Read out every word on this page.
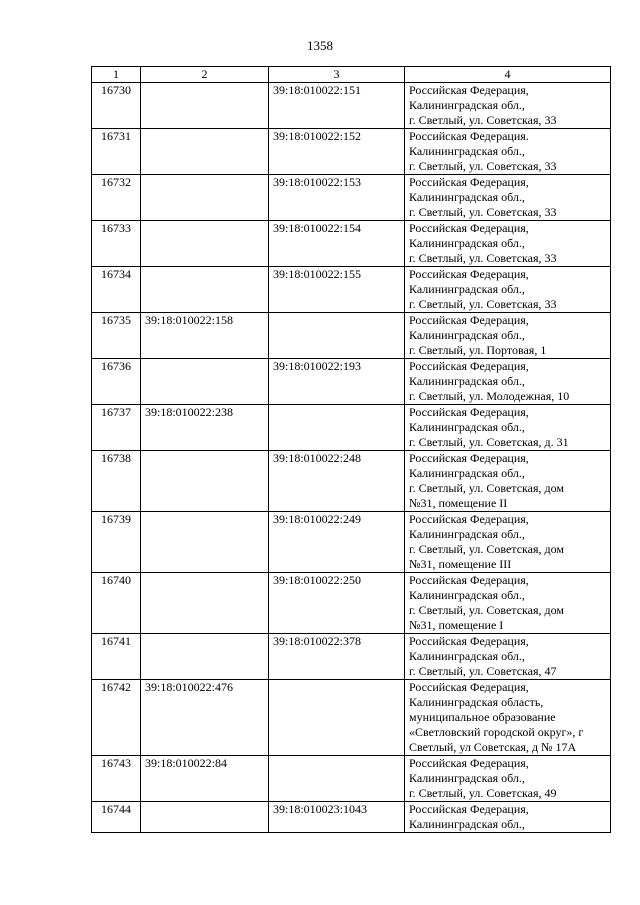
1358
1	2	3	4
16730		39:18:010022:151	Российская Федерация,
Калининградская обл.,
г. Светлый, ул. Советская, 33

16731		39:18:010022:152	Российская Федерация.
Калининградская обл.,
г. Светлый, ул. Советская, 33

16732		39:18:010022:153	Российская Федерация,
Калининградская обл.,
г. Светлый, ул. Советская, 33

16733		39:18:010022:154	Российская Федерация,
Калининградская обл.,
г. Светлый, ул. Советская, 33

16734		39:18:010022:155	Российская Федерация,
Калининградская обл.,
г. Светлый, ул. Советская, 33

16735	39:18:010022:158		Российская Федерация,
Калининградская обл.,
г. Светлый, ул. Портовая, 1

16736		39:18:010022:193	Российская Федерация,
Калининградская обл.,
г. Светлый, ул. Молодежная, 10

16737	39:18:010022:238		Российская Федерация,
Калининградская обл.,
г. Светлый, ул. Советская, д. 31

16738		39:18:010022:248	Российская Федерация,
Калининградская обл.,
г. Светлый, ул. Советская, дом
№31, помещение II

16739		39:18:010022:249	Российская Федерация,
Калининградская обл.,
г. Светлый, ул. Советская, дом
№31, помещение III

16740		39:18:010022:250	Российская Федерация,
Калининградская обл.,
г. Светлый, ул. Советская, дом
№31, помещение I

16741		39:18:010022:378	Российская Федерация,
Калининградская обл.,
г. Светлый, ул. Советская, 47

16742	39:18:010022:476		Российская Федерация,
Калининградская область,
муниципальное образование
«Светловский городской округ», г
Светлый, ул Советская, д № 17А

16743	39:18:010022:84		Российская Федерация,
Калининградская обл.,
г. Светлый, ул. Советская, 49

16744		39:18:010023:1043	Российская Федерация,
Калининградская обл.,
